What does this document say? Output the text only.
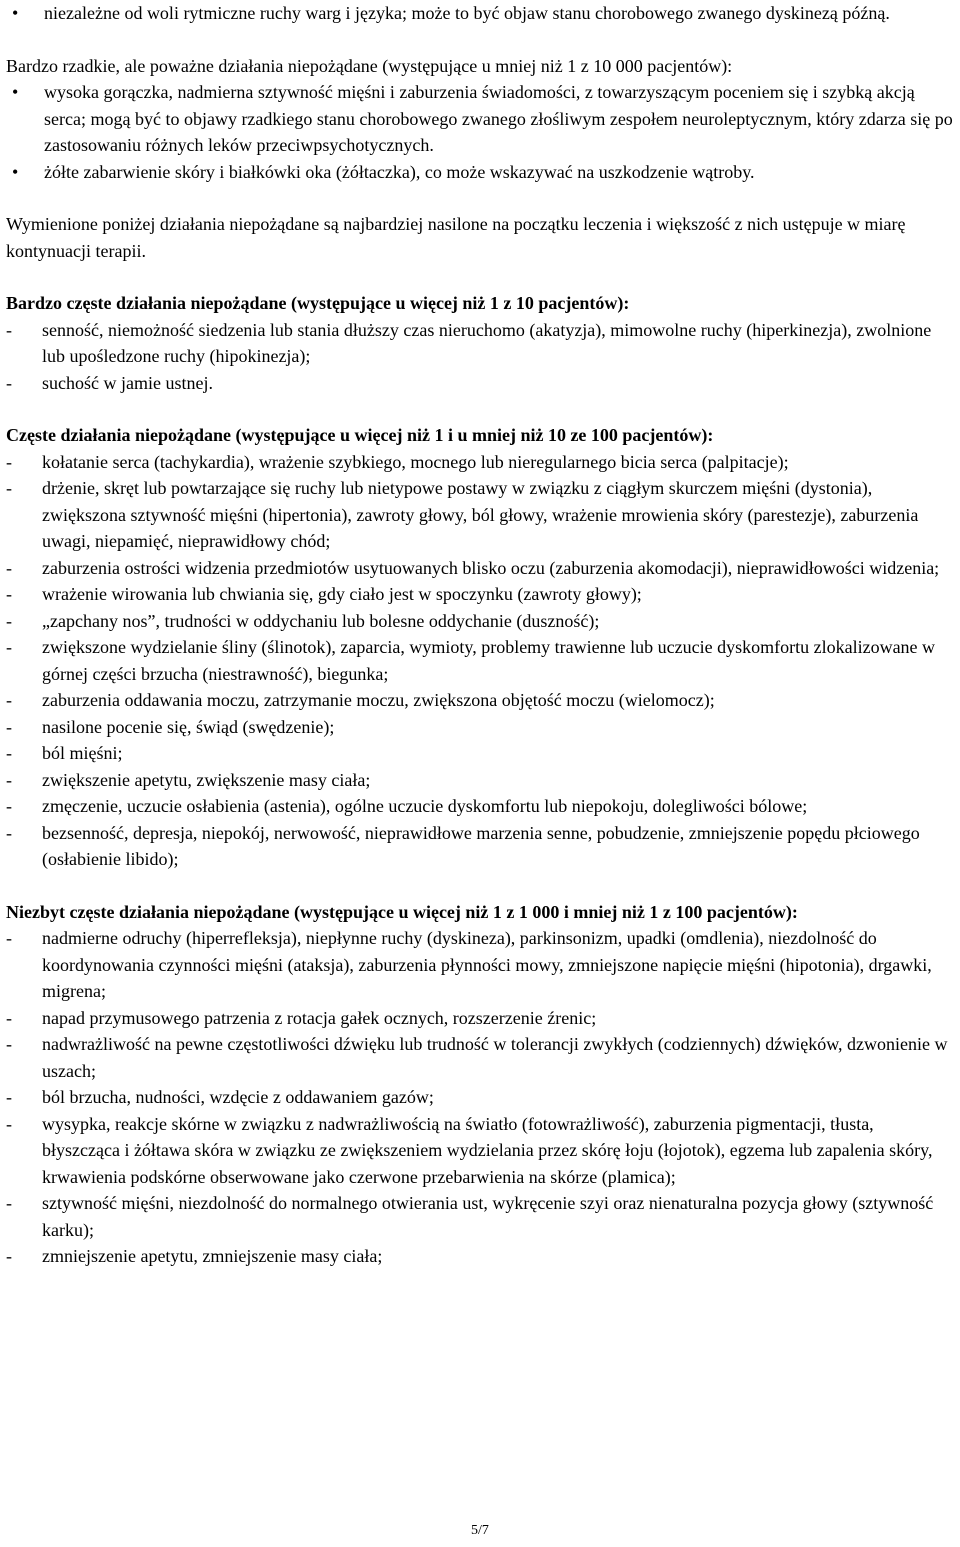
• niezależne od woli rytmiczne ruchy warg i języka; może to być objaw stanu chorobowego zwanego dyskinezą późną.

Bardzo rzadkie, ale poważne działania niepożądane (występujące u mniej niż 1 z 10 000 pacjentów):

• wysoka gorączka, nadmierna sztywność mięśni i zaburzenia świadomości, z towarzyszącym poceniem się i szybką akcją serca; mogą być to objawy rzadkiego stanu chorobowego zwanego złośliwym zespołem neuroleptycznym, który zdarza się po zastosowaniu różnych leków przeciwpsychotycznych.
• żółte zabarwienie skóry i białkówki oka (żółtaczka), co może wskazywać na uszkodzenie wątroby.

Wymienione poniżej działania niepożądane są najbardziej nasilone na początku leczenia i większość z nich ustępuje w miarę kontynuacji terapii.

Bardzo częste działania niepożądane (występujące u więcej niż 1 z 10 pacjentów):

- senność, niemożność siedzenia lub stania dłuższy czas nieruchomo (akatyzja), mimowolne ruchy (hiperkinezja), zwolnione lub upośledzone ruchy (hipokinezja);
- suchość w jamie ustnej.

Częste działania niepożądane (występujące u więcej niż 1 i u mniej niż 10 ze 100 pacjentów):

- kołatanie serca (tachykardia), wrażenie szybkiego, mocnego lub nieregularnego bicia serca (palpitacje);
- drżenie, skręt lub powtarzające się ruchy lub nietypowe postawy w związku z ciągłym skurczem mięśni (dystonia), zwiększona sztywność mięśni (hipertonia), zawroty głowy, ból głowy, wrażenie mrowienia skóry (parestezje), zaburzenia uwagi, niepamięć, nieprawidłowy chód;
- zaburzenia ostrości widzenia przedmiotów usytuowanych blisko oczu (zaburzenia akomodacji), nieprawidłowości widzenia;
- wrażenie wirowania lub chwiania się, gdy ciało jest w spoczynku (zawroty głowy);
- „zapchany nos”, trudności w oddychaniu lub bolesne oddychanie (duszność);
- zwiększone wydzielanie śliny (ślinotok), zaparcia, wymioty, problemy trawienne lub uczucie dyskomfortu zlokalizowane w górnej części brzucha (niestrawność), biegunka;
- zaburzenia oddawania moczu, zatrzymanie moczu, zwiększona objętość moczu (wielomocz);
- nasilone pocenie się, świąd (swędzenie);
- ból mięśni;
- zwiększenie apetytu, zwiększenie masy ciała;
- zmęczenie, uczucie osłabienia (astenia), ogólne uczucie dyskomfortu lub niepokoju, dolegliwości bólowe;
- bezsenność, depresja, niepokój, nerwowość, nieprawidłowe marzenia senne, pobudzenie, zmniejszenie popędu płciowego (osłabienie libido);

Niezbyt częste działania niepożądane (występujące u więcej niż 1 z 1 000 i mniej niż 1 z 100 pacjentów):

- nadmierne odruchy (hiperrefleksja), niepłynne ruchy (dyskineza), parkinsonizm, upadki (omdlenia), niezdolność do koordynowania czynności mięśni (ataksja), zaburzenia płynności mowy, zmniejszone napięcie mięśni (hipotonia), drgawki, migrena;
- napad przymusowego patrzenia z rotacja gałek ocznych, rozszerzenie źrenic;
- nadwrażliwość na pewne częstotliwości dźwięku lub trudność w tolerancji zwykłych (codziennych) dźwięków, dzwonienie w uszach;
- ból brzucha, nudności, wzdęcie z oddawaniem gazów;
- wysypka, reakcje skórne w związku z nadwrażliwością na światło (fotowrażliwość), zaburzenia pigmentacji, tłusta, błyszcząca i żółtawa skóra w związku ze zwiększeniem wydzielania przez skórę łoju (łojotok), egzema lub zapalenia skóry, krwawienia podskórne obserwowane jako czerwone przebarwienia na skórze (plamica);
- sztywność mięśni, niezdolność do normalnego otwierania ust, wykręcenie szyi oraz nienaturalna pozycja głowy (sztywność karku);
- zmniejszenie apetytu, zmniejszenie masy ciała;
5/7
